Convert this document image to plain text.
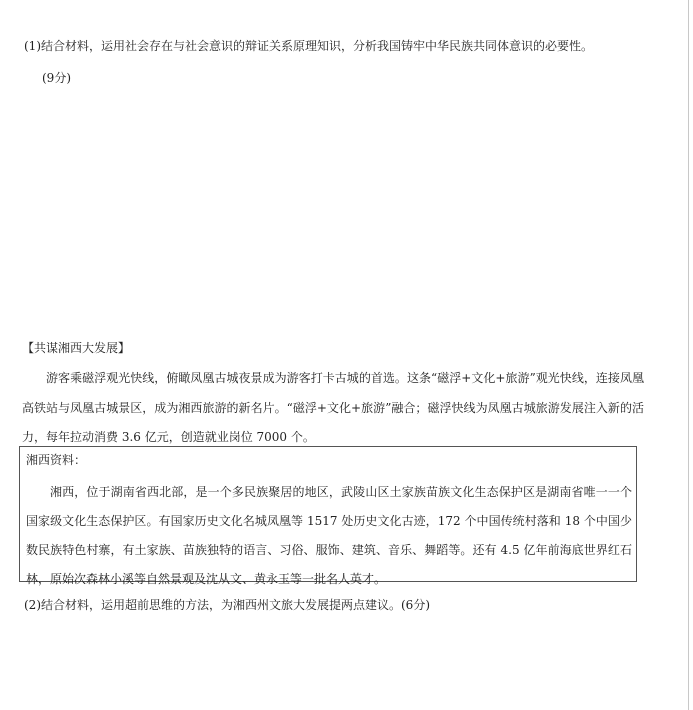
(1)结合材料，运用社会存在与社会意识的辩证关系原理知识，分析我国铸牢中华民族共同体意识的必要性。
(9分)
【共谋湘西大发展】
游客乘磁浮观光快线，俯瞰凤凰古城夜景成为游客打卡古城的首选。这条“磁浮+文化+旅游”观光快线，连接凤凰高铁站与凤凰古城景区，成为湘西旅游的新名片。“磁浮+文化+旅游”融合；磁浮快线为凤凰古城旅游发展注入新的活力，每年拉动消费 3.6 亿元，创造就业岗位 7000 个。
湘西资料：

湘西，位于湖南省西北部，是一个多民族聚居的地区，武陵山区土家族苗族文化生态保护区是湖南省唯一一个国家级文化生态保护区。有国家历史文化名城凤凰等 1517 处历史文化古迹，172 个中国传统村落和 18 个中国少数民族特色村寨，有土家族、苗族独特的语言、习俗、服饰、建筑、音乐、舞蹈等。还有 4.5 亿年前海底世界红石林，原始次森林小溪等自然景观及沈从文、黄永玉等一批名人英才。

(2)结合材料，运用超前思维的方法，为湘西州文旅大发展提两点建议。(6分)
